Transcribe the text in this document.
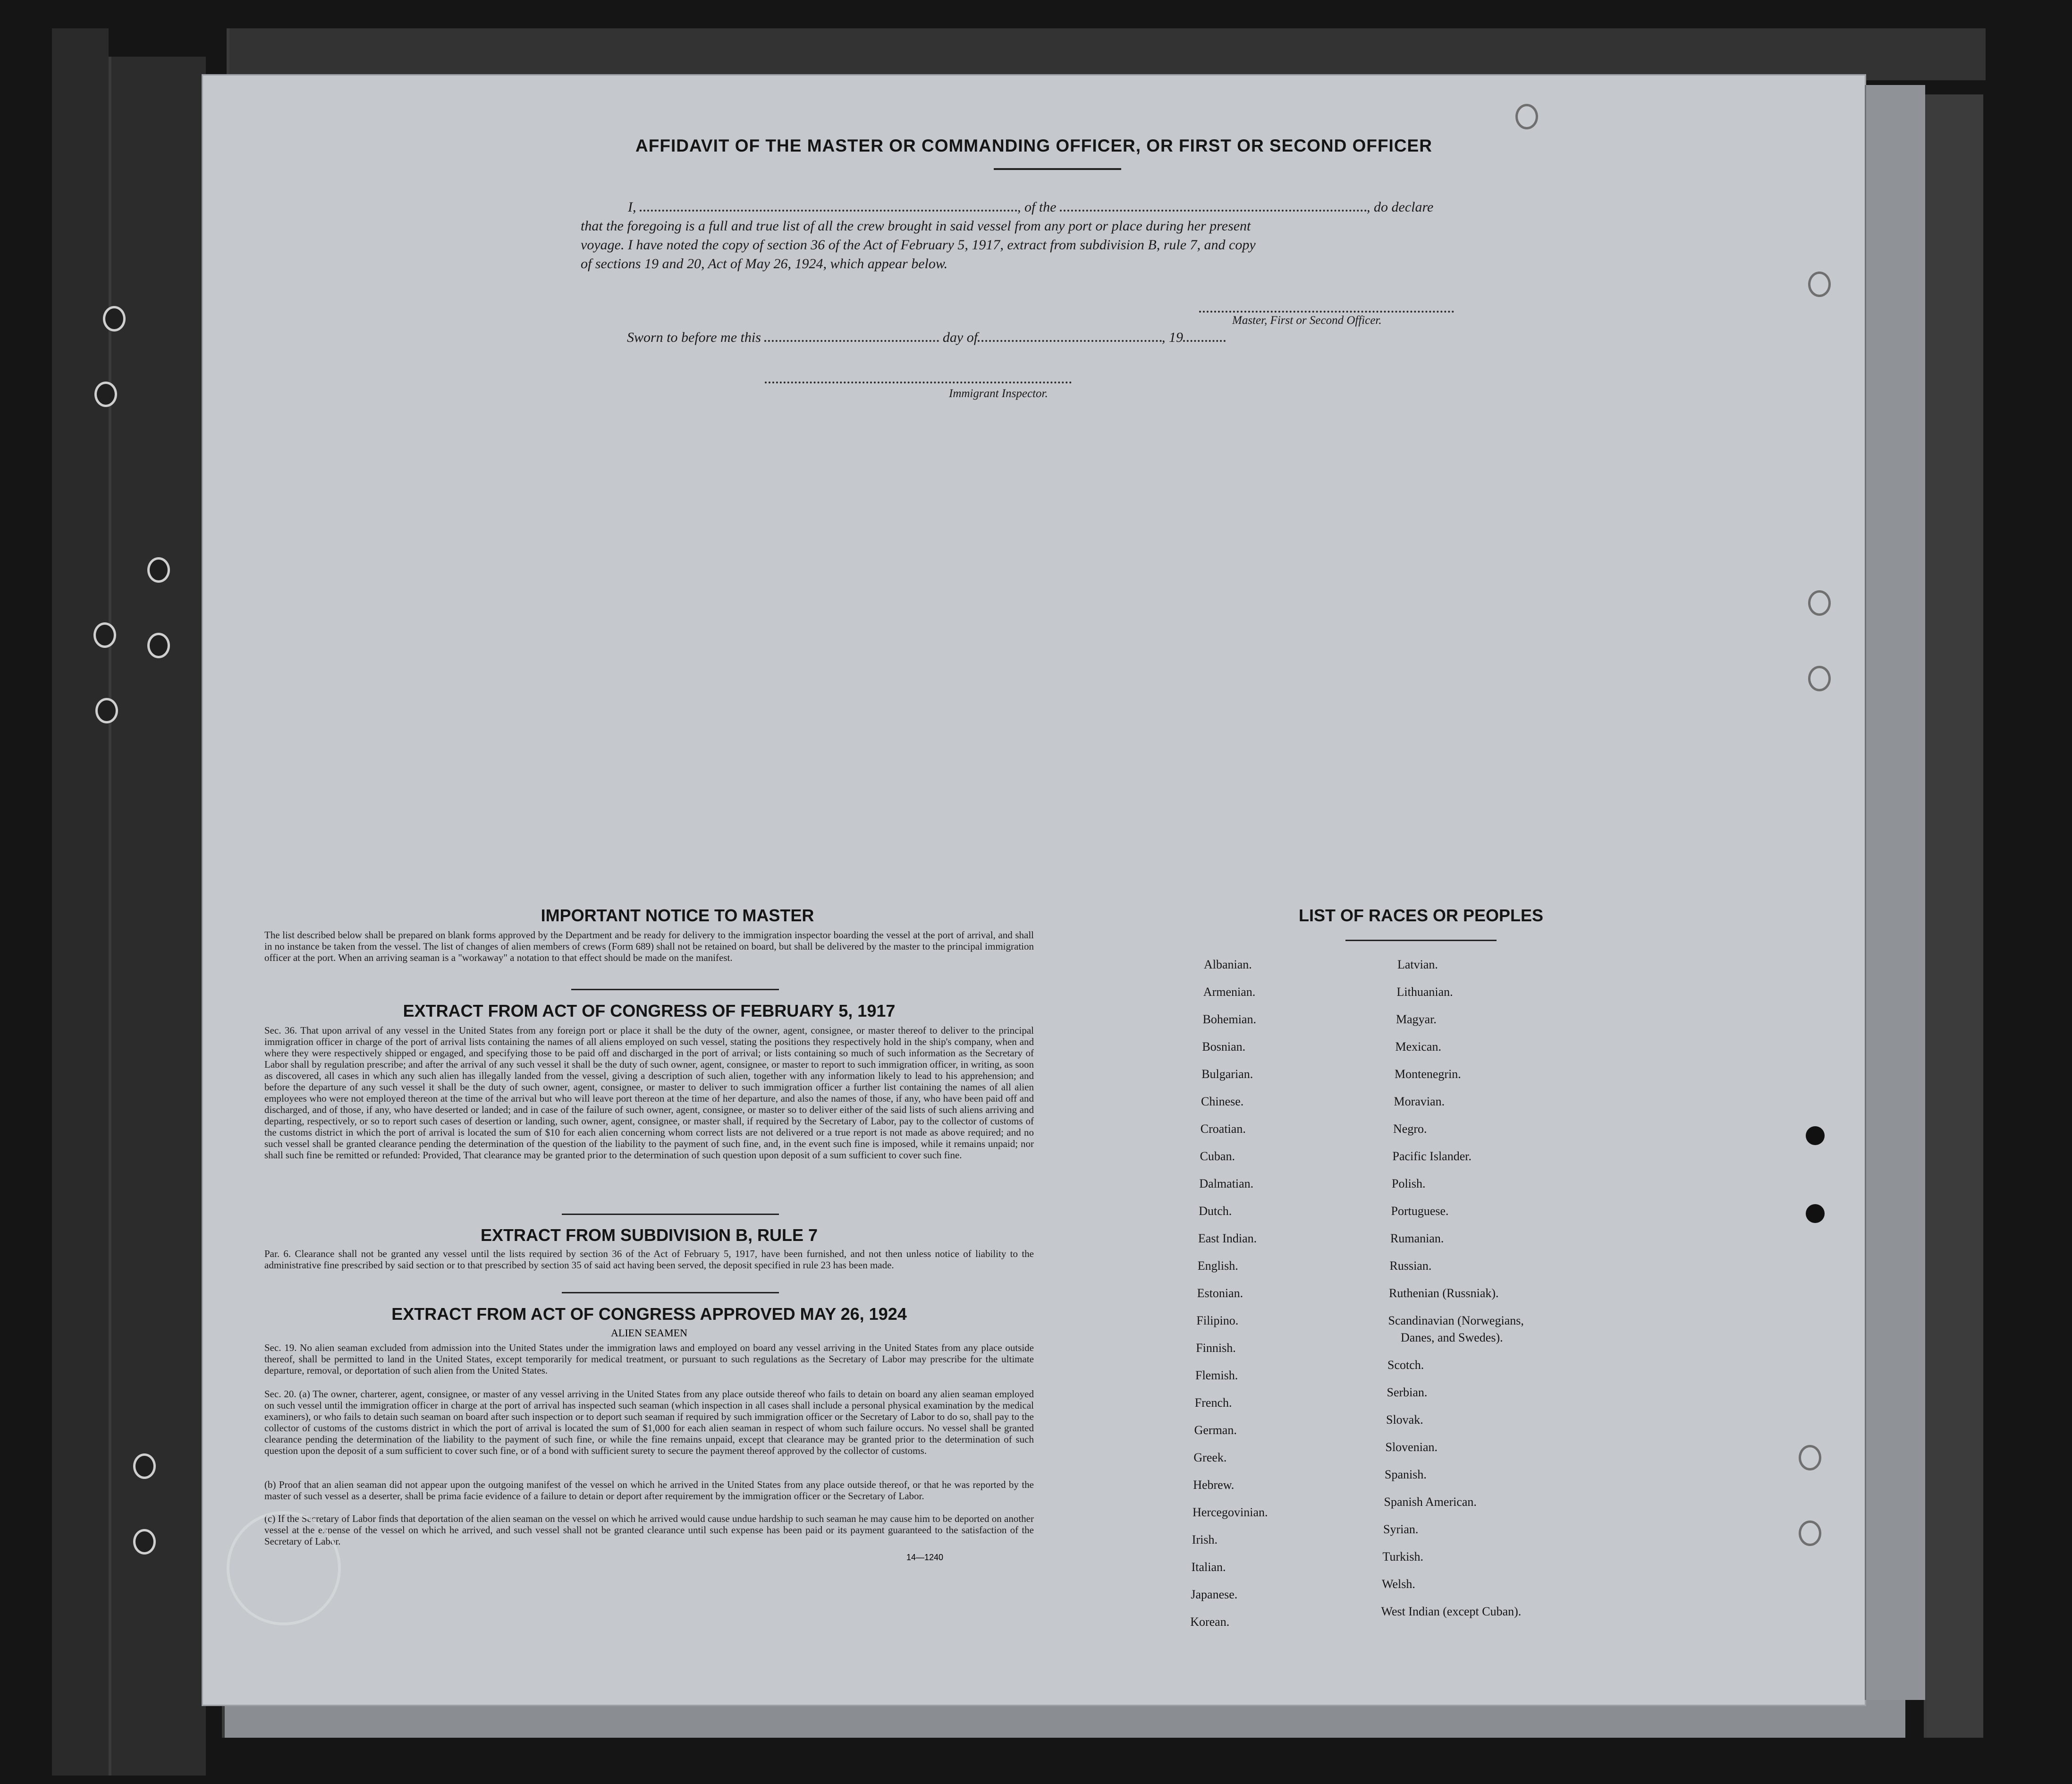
AFFIDAVIT OF THE MASTER OR COMMANDING OFFICER, OR FIRST OR SECOND OFFICER
I,	, of the	, do declare
that the foregoing is a full and true list of all the crew brought in said vessel from any port or place during her present
voyage. I have noted the copy of section 36 of the Act of February 5, 1917, extract from subdivision B, rule 7, and copy
of sections 19 and 20, Act of May 26, 1924, which appear below.
Master, First or Second Officer.
Sworn to before me this	day of	, 19
Immigrant Inspector.
IMPORTANT NOTICE TO MASTER
The list described below shall be prepared on blank forms approved by the Department and be ready for delivery to the immigration inspector boarding the vessel at the port of arrival, and shall in no instance be taken from the vessel. The list of changes of alien members of crews (Form 689) shall not be retained on board, but shall be delivered by the master to the principal immigration officer at the port. When an arriving seaman is a "workaway" a notation to that effect should be made on the manifest.
EXTRACT FROM ACT OF CONGRESS OF FEBRUARY 5, 1917
Sec. 36. That upon arrival of any vessel in the United States from any foreign port or place it shall be the duty of the owner, agent, consignee, or master thereof to deliver to the principal immigration officer in charge of the port of arrival lists containing the names of all aliens employed on such vessel, stating the positions they respectively hold in the ship's company, when and where they were respectively shipped or engaged, and specifying those to be paid off and discharged in the port of arrival; or lists containing so much of such information as the Secretary of Labor shall by regulation prescribe; and after the arrival of any such vessel it shall be the duty of such owner, agent, consignee, or master to report to such immigration officer, in writing, as soon as discovered, all cases in which any such alien has illegally landed from the vessel, giving a description of such alien, together with any information likely to lead to his apprehension; and before the departure of any such vessel it shall be the duty of such owner, agent, consignee, or master to deliver to such immigration officer a further list containing the names of all alien employees who were not employed thereon at the time of the arrival but who will leave port thereon at the time of her departure, and also the names of those, if any, who have been paid off and discharged, and of those, if any, who have deserted or landed; and in case of the failure of such owner, agent, consignee, or master so to deliver either of the said lists of such aliens arriving and departing, respectively, or so to report such cases of desertion or landing, such owner, agent, consignee, or master shall, if required by the Secretary of Labor, pay to the collector of customs of the customs district in which the port of arrival is located the sum of $10 for each alien concerning whom correct lists are not delivered or a true report is not made as above required; and no such vessel shall be granted clearance pending the determination of the question of the liability to the payment of such fine, and, in the event such fine is imposed, while it remains unpaid; nor shall such fine be remitted or refunded: Provided, That clearance may be granted prior to the determination of such question upon deposit of a sum sufficient to cover such fine.
EXTRACT FROM SUBDIVISION B, RULE 7
Par. 6. Clearance shall not be granted any vessel until the lists required by section 36 of the Act of February 5, 1917, have been furnished, and not then unless notice of liability to the administrative fine prescribed by said section or to that prescribed by section 35 of said act having been served, the deposit specified in rule 23 has been made.
EXTRACT FROM ACT OF CONGRESS APPROVED MAY 26, 1924
ALIEN SEAMEN
Sec. 19. No alien seaman excluded from admission into the United States under the immigration laws and employed on board any vessel arriving in the United States from any place outside thereof, shall be permitted to land in the United States, except temporarily for medical treatment, or pursuant to such regulations as the Secretary of Labor may prescribe for the ultimate departure, removal, or deportation of such alien from the United States.
Sec. 20. (a) The owner, charterer, agent, consignee, or master of any vessel arriving in the United States from any place outside thereof who fails to detain on board any alien seaman employed on such vessel until the immigration officer in charge at the port of arrival has inspected such seaman (which inspection in all cases shall include a personal physical examination by the medical examiners), or who fails to detain such seaman on board after such inspection or to deport such seaman if required by such immigration officer or the Secretary of Labor to do so, shall pay to the collector of customs of the customs district in which the port of arrival is located the sum of $1,000 for each alien seaman in respect of whom such failure occurs. No vessel shall be granted clearance pending the determination of the liability to the payment of such fine, or while the fine remains unpaid, except that clearance may be granted prior to the determination of such question upon the deposit of a sum sufficient to cover such fine, or of a bond with sufficient surety to secure the payment thereof approved by the collector of customs.
(b) Proof that an alien seaman did not appear upon the outgoing manifest of the vessel on which he arrived in the United States from any place outside thereof, or that he was reported by the master of such vessel as a deserter, shall be prima facie evidence of a failure to detain or deport after requirement by the immigration officer or the Secretary of Labor.
(c) If the Secretary of Labor finds that deportation of the alien seaman on the vessel on which he arrived would cause undue hardship to such seaman he may cause him to be deported on another vessel at the expense of the vessel on which he arrived, and such vessel shall not be granted clearance until such expense has been paid or its payment guaranteed to the satisfaction of the Secretary of Labor.
14—1240
LIST OF RACES OR PEOPLES
Albanian.
Armenian.
Bohemian.
Bosnian.
Bulgarian.
Chinese.
Croatian.
Cuban.
Dalmatian.
Dutch.
East Indian.
English.
Estonian.
Filipino.
Finnish.
Flemish.
French.
German.
Greek.
Hebrew.
Hercegovinian.
Irish.
Italian.
Japanese.
Korean.
Latvian.
Lithuanian.
Magyar.
Mexican.
Montenegrin.
Moravian.
Negro.
Pacific Islander.
Polish.
Portuguese.
Rumanian.
Russian.
Ruthenian (Russniak).
Scandinavian (Norwegians,
Danes, and Swedes).
Scotch.
Serbian.
Slovak.
Slovenian.
Spanish.
Spanish American.
Syrian.
Turkish.
Welsh.
West Indian (except Cuban).
